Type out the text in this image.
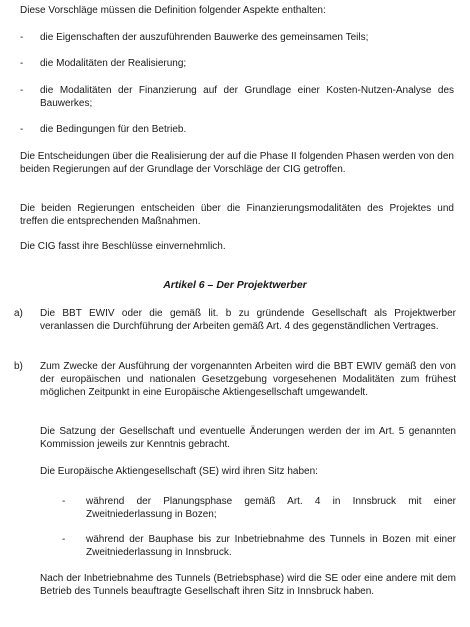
Diese Vorschläge müssen die Definition folgender Aspekte enthalten:

-	die Eigenschaften der auszuführenden Bauwerke des gemeinsamen Teils;

-	die Modalitäten der Realisierung;

-	die Modalitäten der Finanzierung auf der Grundlage einer Kosten-Nutzen-Analyse des Bauwerkes;

-	die Bedingungen für den Betrieb.

Die Entscheidungen über die Realisierung der auf die Phase II folgenden Phasen werden von den beiden Regierungen auf der Grundlage der Vorschläge der CIG getroffen.

Die beiden Regierungen entscheiden über die Finanzierungsmodalitäten des Projektes und treffen die entsprechenden Maßnahmen.

Die CIG fasst ihre Beschlüsse einvernehmlich.

Artikel 6 – Der Projektwerber
a)	Die BBT EWIV oder die gemäß lit. b zu gründende Gesellschaft als Projektwerber veranlassen die Durchführung der Arbeiten gemäß Art. 4 des gegenständlichen Vertrages.

b)	Zum Zwecke der Ausführung der vorgenannten Arbeiten wird die BBT EWIV gemäß den von der europäischen und nationalen Gesetzgebung vorgesehenen Modalitäten zum frühest möglichen Zeitpunkt in eine Europäische Aktiengesellschaft umgewandelt.

Die Satzung der Gesellschaft und eventuelle Änderungen werden der im Art. 5 genannten Kommission jeweils zur Kenntnis gebracht.

Die Europäische Aktiengesellschaft (SE) wird ihren Sitz haben:

-	während der Planungsphase gemäß Art. 4 in Innsbruck mit einer Zweitniederlassung in Bozen;

-	während der Bauphase bis zur Inbetriebnahme des Tunnels in Bozen mit einer Zweitniederlassung in Innsbruck.

Nach der Inbetriebnahme des Tunnels (Betriebsphase) wird die SE oder eine andere mit dem Betrieb des Tunnels beauftragte Gesellschaft ihren Sitz in Innsbruck haben.
